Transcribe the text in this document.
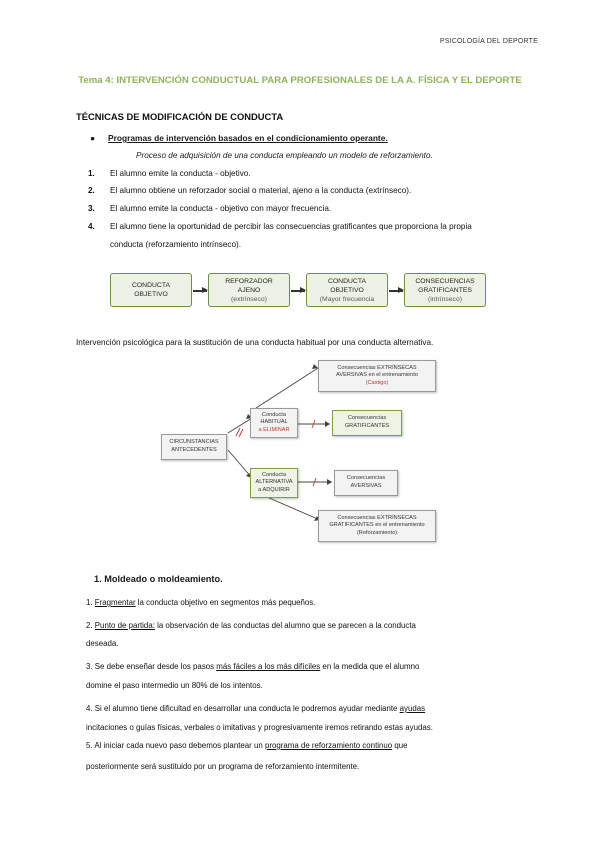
PSICOLOGÍA DEL DEPORTE
Tema 4: INTERVENCIÓN CONDUCTUAL PARA PROFESIONALES DE LA A. FÍSICA Y EL DEPORTE
TÉCNICAS DE MODIFICACIÓN DE CONDUCTA
● Programas de intervención basados en el condicionamiento operante.
Proceso de adquisición de una conducta empleando un modelo de reforzamiento.
1. El alumno emite la conducta - objetivo.
2. El alumno obtiene un reforzador social o material, ajeno a la conducta (extrínseco).
3. El alumno emite la conducta - objetivo con mayor frecuencia.
4. El alumno tiene la oportunidad de percibir las consecuencias gratificantes que proporciona la propia
conducta (reforzamiento intrínseco).
CONDUCTA
OBJETIVO
REFORZADOR
AJENO
(extrínseco)
CONDUCTA
OBJETIVO
(Mayor frecuencia
CONSECUENCIAS
GRATIFICANTES
(intrínseco)
Intervención psicológica para la sustitución de una conducta habitual por una conducta alternativa.
CIRCUNSTANCIAS
ANTECEDENTES
Conducta
HABITUAL
a ELIMINAR
Conducta
ALTERNATIVA
a ADQUIRIR
Consecuencias EXTRÍNSECAS
AVERSIVAS en el entrenamiento
(Castigo)
Consecuencias
GRATIFICANTES
Consecuencias
AVERSIVAS
Consecuencias EXTRÍNSECAS
GRATIFICANTES en el entrenamiento
(Reforzamiento)
1. Moldeado o moldeamiento.
1. Fragmentar la conducta objetivo en segmentos más pequeños.
2. Punto de partida: la observación de las conductas del alumno que se parecen a la conducta
deseada.
3. Se debe enseñar desde los pasos más fáciles a los más difíciles en la medida que el alumno
domine el paso intermedio un 80% de los intentos.
4. Si el alumno tiene dificultad en desarrollar una conducta le podremos ayudar mediante ayudas
incitaciones o guías físicas, verbales o imitativas y progresivamente iremos retirando estas ayudas.
5. Al iniciar cada nuevo paso debemos plantear un programa de reforzamiento continuo que
posteriormente será sustituido por un programa de reforzamiento intermitente.
